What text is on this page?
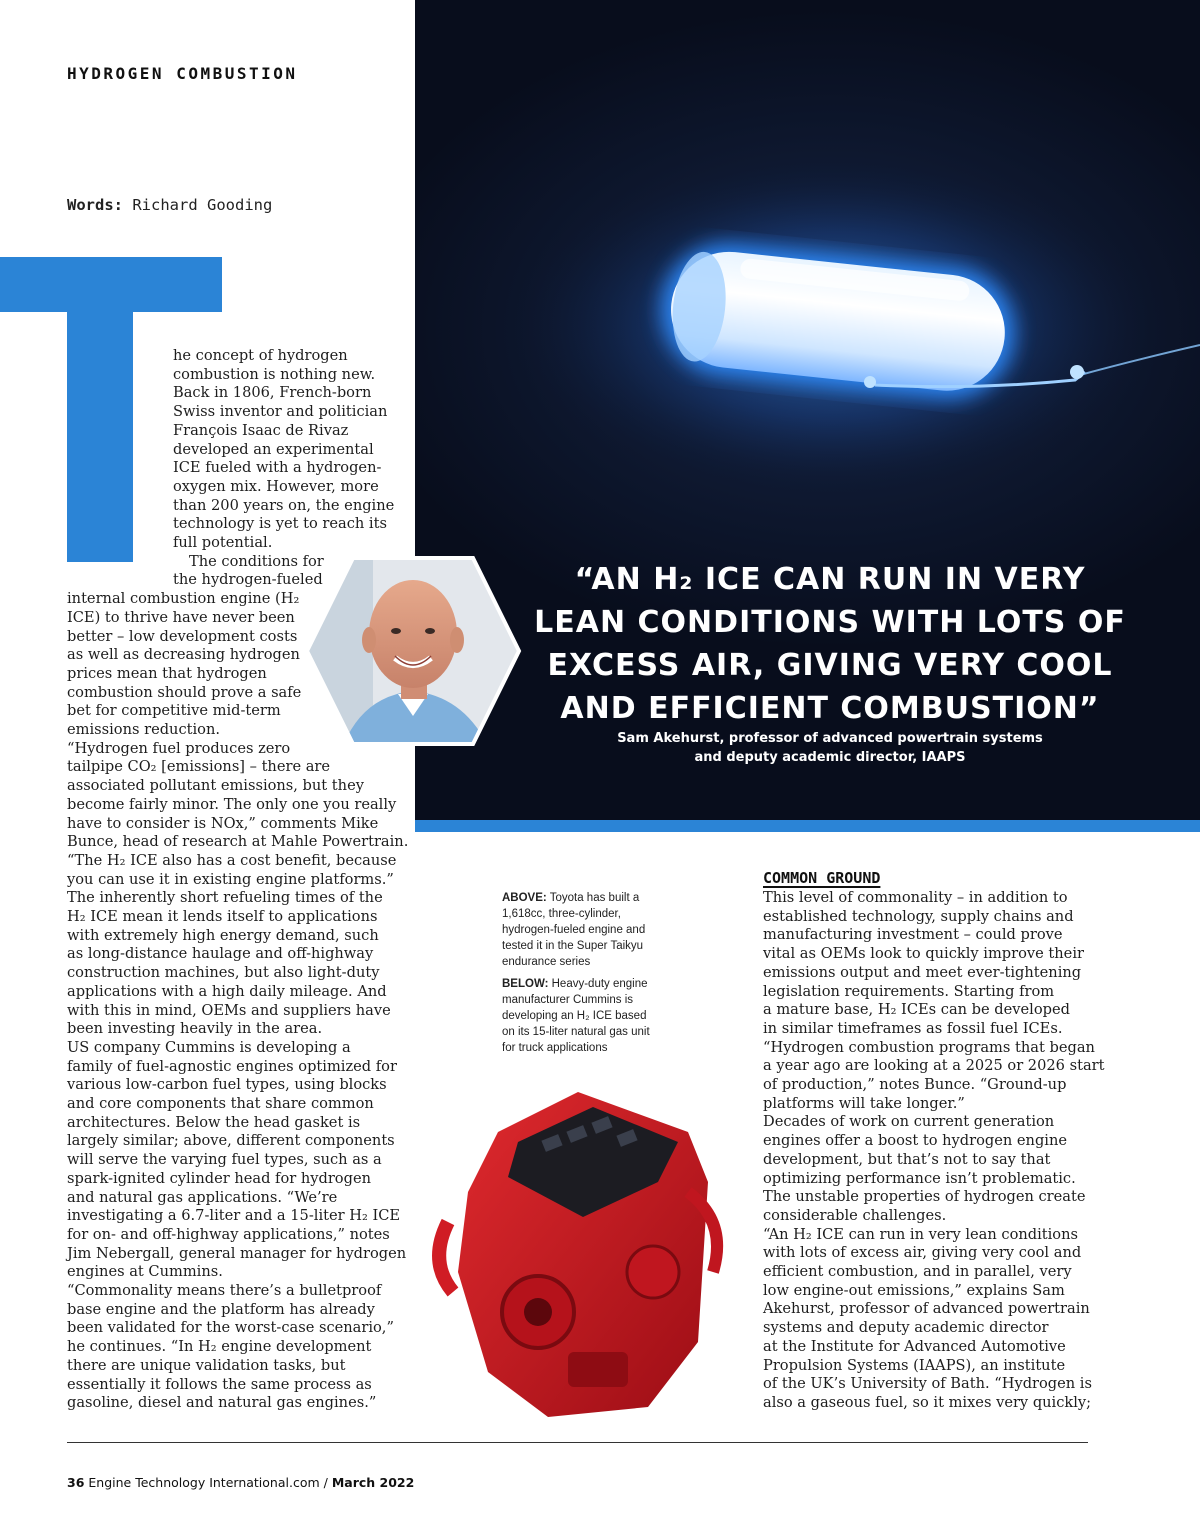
HYDROGEN COMBUSTION
Words: Richard Gooding
T
he concept of hydrogen
combustion is nothing new.
Back in 1806, French-born
Swiss inventor and politician
François Isaac de Rivaz
developed an experimental
ICE fueled with a hydrogen-
oxygen mix. However, more
than 200 years on, the engine
technology is yet to reach its
full potential.
The conditions for
the hydrogen-fueled
internal combustion engine (H₂
ICE) to thrive have never been
better – low development costs
as well as decreasing hydrogen
prices mean that hydrogen
combustion should prove a safe
bet for competitive mid-term
emissions reduction.
“Hydrogen fuel produces zero
tailpipe CO₂ [emissions] – there are
associated pollutant emissions, but they
become fairly minor. The only one you really
have to consider is NOx,” comments Mike
Bunce, head of research at Mahle Powertrain.
“The H₂ ICE also has a cost benefit, because
you can use it in existing engine platforms.”
The inherently short refueling times of the
H₂ ICE mean it lends itself to applications
with extremely high energy demand, such
as long-distance haulage and off-highway
construction machines, but also light-duty
applications with a high daily mileage. And
with this in mind, OEMs and suppliers have
been investing heavily in the area.
US company Cummins is developing a
family of fuel-agnostic engines optimized for
various low-carbon fuel types, using blocks
and core components that share common
architectures. Below the head gasket is
largely similar; above, different components
will serve the varying fuel types, such as a
spark-ignited cylinder head for hydrogen
and natural gas applications. “We’re
investigating a 6.7-liter and a 15-liter H₂ ICE
for on- and off-highway applications,” notes
Jim Nebergall, general manager for hydrogen
engines at Cummins.
“Commonality means there’s a bulletproof
base engine and the platform has already
been validated for the worst-case scenario,”
he continues. “In H₂ engine development
there are unique validation tasks, but
essentially it follows the same process as
gasoline, diesel and natural gas engines.”
“AN H₂ ICE CAN RUN IN VERY
LEAN CONDITIONS WITH LOTS OF
EXCESS AIR, GIVING VERY COOL
AND EFFICIENT COMBUSTION”
Sam Akehurst, professor of advanced powertrain systems
and deputy academic director, IAAPS
ABOVE: Toyota has built a 1,618cc, three-cylinder, hydrogen-fueled engine and tested it in the Super Taikyu endurance series
BELOW: Heavy-duty engine manufacturer Cummins is developing an H₂ ICE based on its 15-liter natural gas unit for truck applications
COMMON GROUND
This level of commonality – in addition to
established technology, supply chains and
manufacturing investment – could prove
vital as OEMs look to quickly improve their
emissions output and meet ever-tightening
legislation requirements. Starting from
a mature base, H₂ ICEs can be developed
in similar timeframes as fossil fuel ICEs.
“Hydrogen combustion programs that began
a year ago are looking at a 2025 or 2026 start
of production,” notes Bunce. “Ground-up
platforms will take longer.”
Decades of work on current generation
engines offer a boost to hydrogen engine
development, but that’s not to say that
optimizing performance isn’t problematic.
The unstable properties of hydrogen create
considerable challenges.
“An H₂ ICE can run in very lean conditions
with lots of excess air, giving very cool and
efficient combustion, and in parallel, very
low engine-out emissions,” explains Sam
Akehurst, professor of advanced powertrain
systems and deputy academic director
at the Institute for Advanced Automotive
Propulsion Systems (IAAPS), an institute
of the UK’s University of Bath. “Hydrogen is
also a gaseous fuel, so it mixes very quickly;
36 Engine Technology International.com / March 2022
